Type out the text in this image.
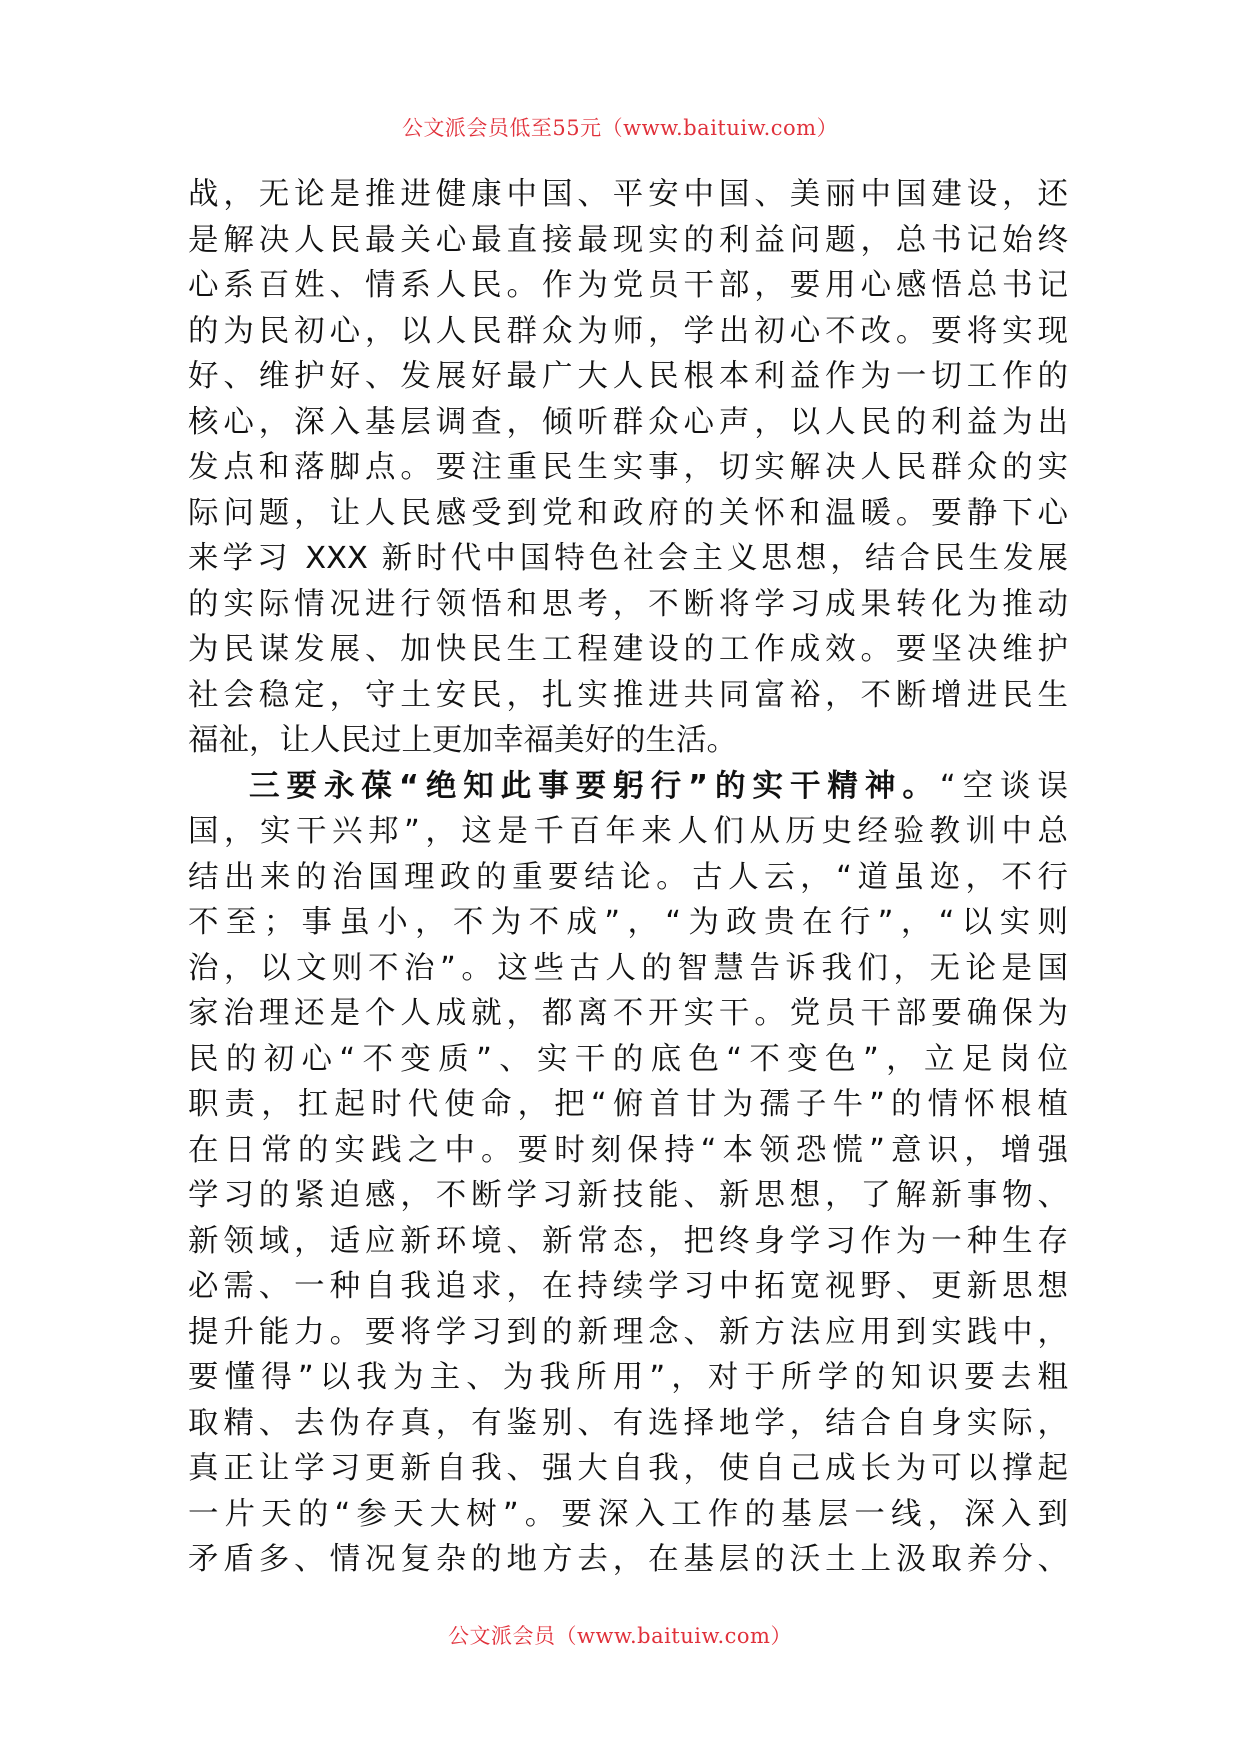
公文派会员低至55元（www.baituiw.com）
战，无论是推进健康中国、平安中国、美丽中国建设，还
是解决人民最关心最直接最现实的利益问题，总书记始终
心系百姓、情系人民。作为党员干部，要用心感悟总书记
的为民初心，以人民群众为师，学出初心不改。要将实现
好、维护好、发展好最广大人民根本利益作为一切工作的
核心，深入基层调查，倾听群众心声，以人民的利益为出
发点和落脚点。要注重民生实事，切实解决人民群众的实
际问题，让人民感受到党和政府的关怀和温暖。要静下心
来学习 XXX 新时代中国特色社会主义思想，结合民生发展
的实际情况进行领悟和思考，不断将学习成果转化为推动
为民谋发展、加快民生工程建设的工作成效。要坚决维护
社会稳定，守土安民，扎实推进共同富裕，不断增进民生
福祉，让人民过上更加幸福美好的生活。
三要永葆“绝知此事要躬行”的实干精神。“空谈误
国，实干兴邦”，这是千百年来人们从历史经验教训中总
结出来的治国理政的重要结论。古人云，“道虽迩，不行
不至；事虽小，不为不成”，“为政贵在行”，“以实则
治，以文则不治”。这些古人的智慧告诉我们，无论是国
家治理还是个人成就，都离不开实干。党员干部要确保为
民的初心“不变质”、实干的底色“不变色”，立足岗位
职责，扛起时代使命，把“俯首甘为孺子牛”的情怀根植
在日常的实践之中。要时刻保持“本领恐慌”意识，增强
学习的紧迫感，不断学习新技能、新思想，了解新事物、
新领域，适应新环境、新常态，把终身学习作为一种生存
必需、一种自我追求，在持续学习中拓宽视野、更新思想
提升能力。要将学习到的新理念、新方法应用到实践中，
要懂得”以我为主、为我所用”，对于所学的知识要去粗
取精、去伪存真，有鉴别、有选择地学，结合自身实际，
真正让学习更新自我、强大自我，使自己成长为可以撑起
一片天的“参天大树”。要深入工作的基层一线，深入到
矛盾多、情况复杂的地方去，在基层的沃土上汲取养分、
公文派会员（www.baituiw.com）
